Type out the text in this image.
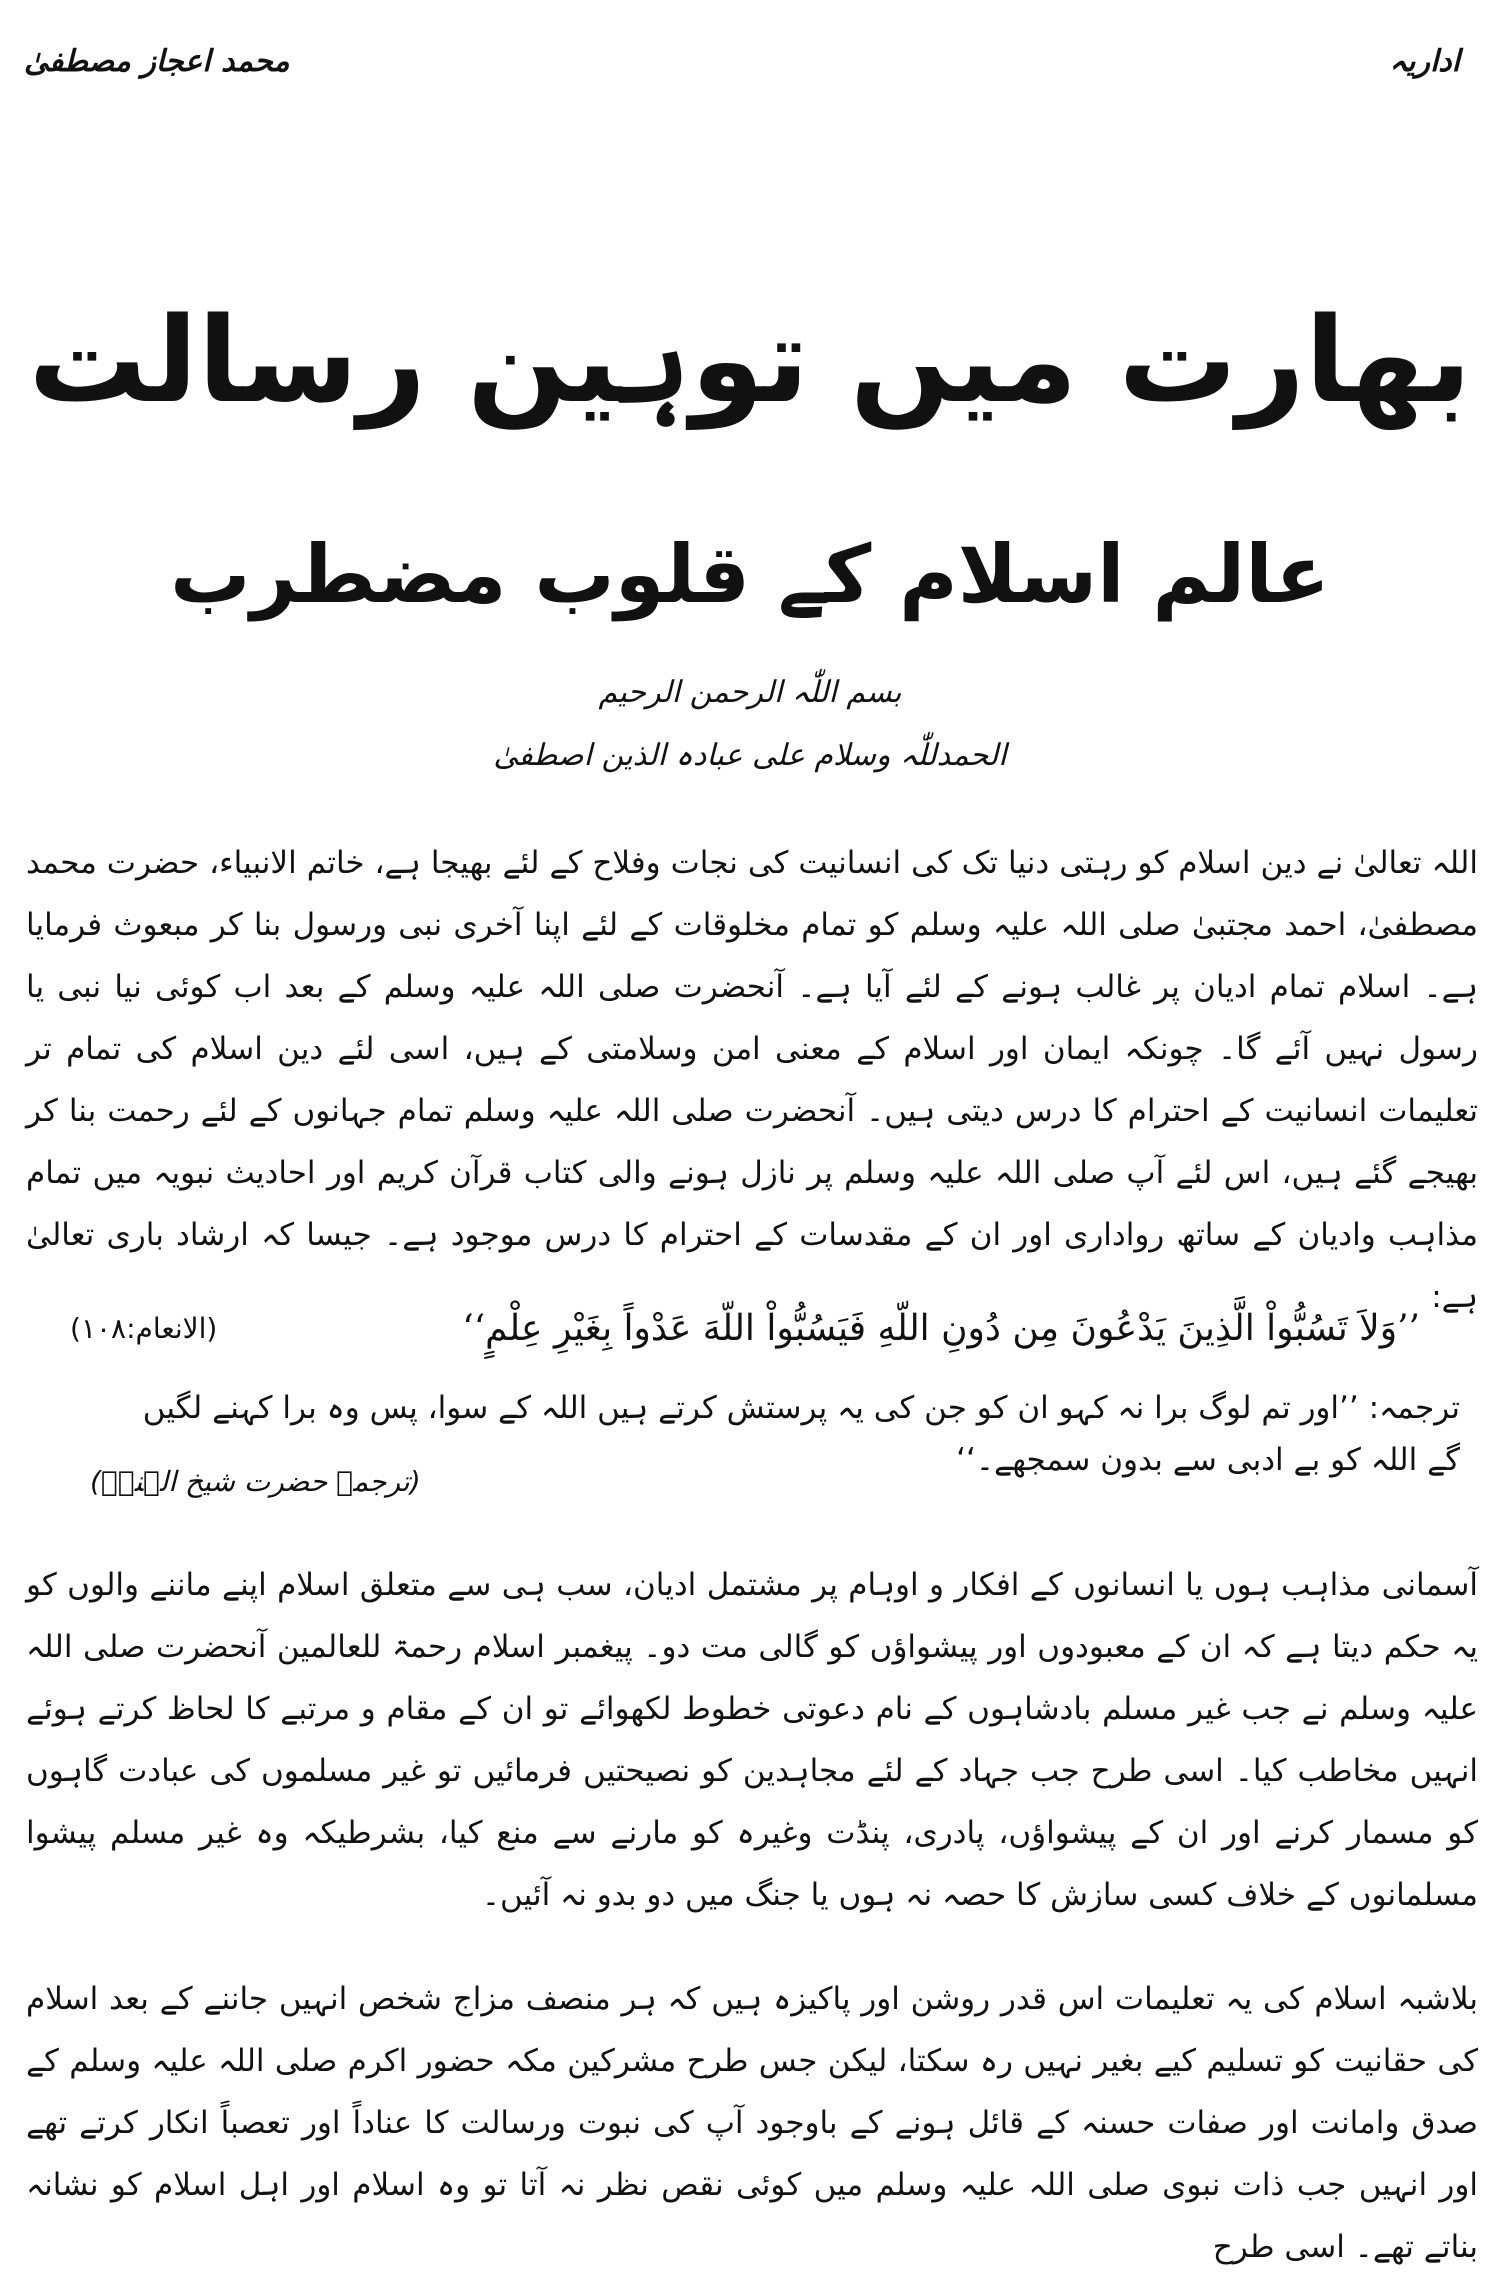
اداریہ
محمد اعجاز مصطفیٰ
بھارت میں توہین رسالت
عالم اسلام کے قلوب مضطرب
بسم اللّٰہ الرحمن الرحیم
الحمدللّٰہ وسلام علی عبادہ الذین اصطفیٰ
اللہ تعالیٰ نے دین اسلام کو رہتی دنیا تک کی انسانیت کی نجات وفلاح کے لئے بھیجا ہے، خاتم الانبیاء، حضرت محمد مصطفیٰ، احمد مجتبیٰ صلی اللہ علیہ وسلم کو تمام مخلوقات کے لئے اپنا آخری نبی ورسول بنا کر مبعوث فرمایا ہے۔ اسلام تمام ادیان پر غالب ہونے کے لئے آیا ہے۔ آنحضرت صلی اللہ علیہ وسلم کے بعد اب کوئی نیا نبی یا رسول نہیں آئے گا۔ چونکہ ایمان اور اسلام کے معنی امن وسلامتی کے ہیں، اسی لئے دین اسلام کی تمام تر تعلیمات انسانیت کے احترام کا درس دیتی ہیں۔ آنحضرت صلی اللہ علیہ وسلم تمام جہانوں کے لئے رحمت بنا کر بھیجے گئے ہیں، اس لئے آپ صلی اللہ علیہ وسلم پر نازل ہونے والی کتاب قرآن کریم اور احادیث نبویہ میں تمام مذاہب وادیان کے ساتھ رواداری اور ان کے مقدسات کے احترام کا درس موجود ہے۔ جیسا کہ ارشاد باری تعالیٰ ہے:
(الانعام:۱۰۸)	’’وَلاَ تَسُبُّواْ الَّذِينَ يَدْعُونَ مِن دُونِ اللّهِ فَيَسُبُّواْ اللّهَ عَدْواً بِغَيْرِ عِلْمٍ‘‘
ترجمہ: ’’اور تم لوگ برا نہ کہو ان کو جن کی یہ پرستش کرتے ہیں اللہ کے سوا، پس وہ برا کہنے لگیں گے اللہ کو بے ادبی سے بدون سمجھے۔‘‘
(ترجمہ حضرت شیخ الہندؒ)
آسمانی مذاہب ہوں یا انسانوں کے افکار و اوہام پر مشتمل ادیان، سب ہی سے متعلق اسلام اپنے ماننے والوں کو یہ حکم دیتا ہے کہ ان کے معبودوں اور پیشواؤں کو گالی مت دو۔ پیغمبر اسلام رحمۃ للعالمین آنحضرت صلی اللہ علیہ وسلم نے جب غیر مسلم بادشاہوں کے نام دعوتی خطوط لکھوائے تو ان کے مقام و مرتبے کا لحاظ کرتے ہوئے انہیں مخاطب کیا۔ اسی طرح جب جہاد کے لئے مجاہدین کو نصیحتیں فرمائیں تو غیر مسلموں کی عبادت گاہوں کو مسمار کرنے اور ان کے پیشواؤں، پادری، پنڈت وغیرہ کو مارنے سے منع کیا، بشرطیکہ وہ غیر مسلم پیشوا مسلمانوں کے خلاف کسی سازش کا حصہ نہ ہوں یا جنگ میں دو بدو نہ آئیں۔
بلاشبہ اسلام کی یہ تعلیمات اس قدر روشن اور پاکیزہ ہیں کہ ہر منصف مزاج شخص انہیں جاننے کے بعد اسلام کی حقانیت کو تسلیم کیے بغیر نہیں رہ سکتا، لیکن جس طرح مشرکین مکہ حضور اکرم صلی اللہ علیہ وسلم کے صدق وامانت اور صفات حسنہ کے قائل ہونے کے باوجود آپ کی نبوت ورسالت کا عناداً اور تعصباً انکار کرتے تھے اور انہیں جب ذات نبوی صلی اللہ علیہ وسلم میں کوئی نقص نظر نہ آتا تو وہ اسلام اور اہل اسلام کو نشانہ بناتے تھے۔ اسی طرح
